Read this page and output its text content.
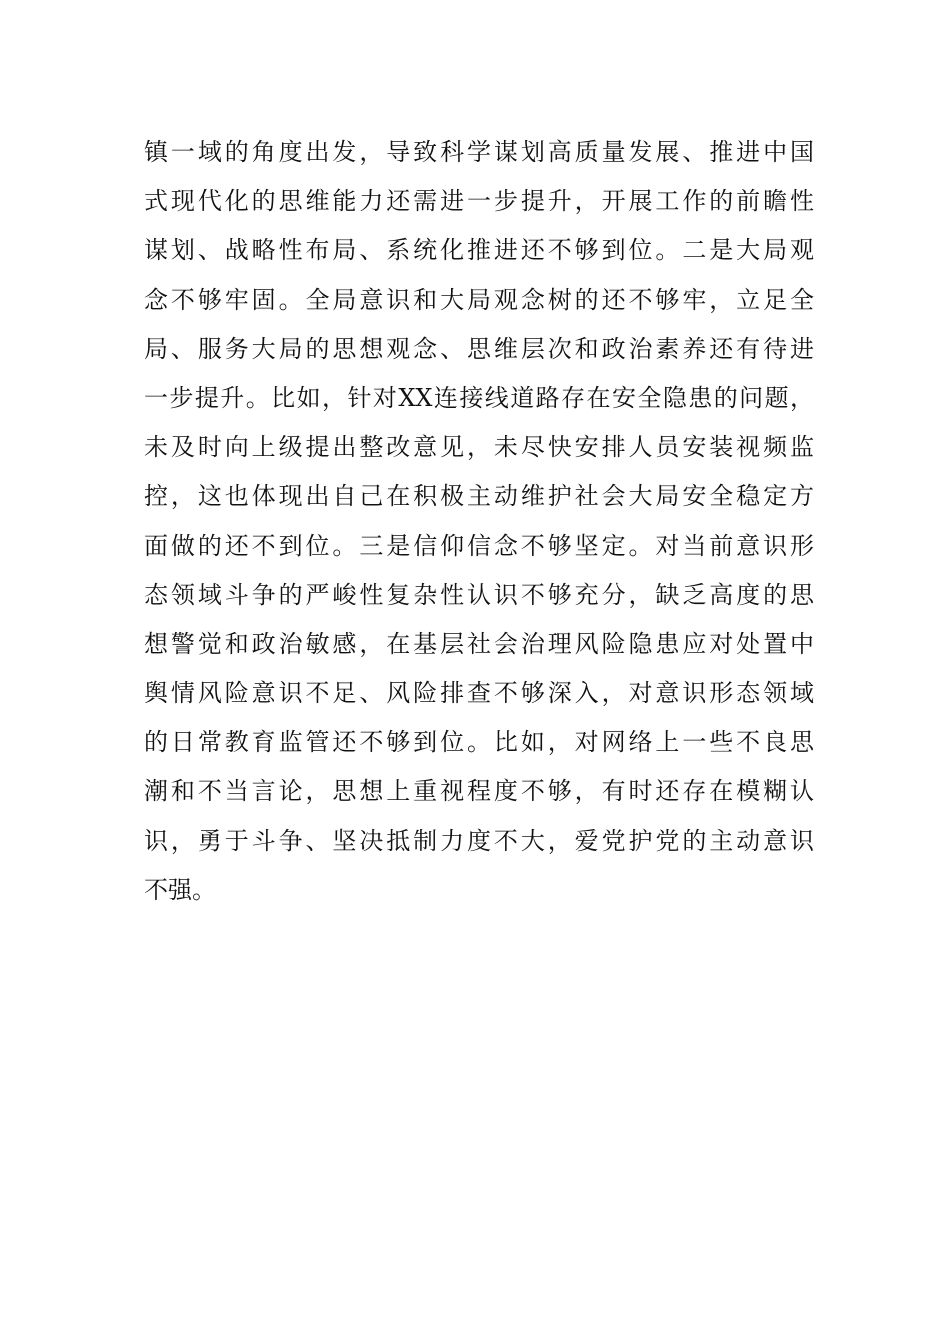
镇一域的角度出发，导致科学谋划高质量发展、推进中国
式现代化的思维能力还需进一步提升，开展工作的前瞻性
谋划、战略性布局、系统化推进还不够到位。二是大局观
念不够牢固。全局意识和大局观念树的还不够牢，立足全
局、服务大局的思想观念、思维层次和政治素养还有待进
一步提升。比如，针对XX连接线道路存在安全隐患的问题，
未及时向上级提出整改意见，未尽快安排人员安装视频监
控，这也体现出自己在积极主动维护社会大局安全稳定方
面做的还不到位。三是信仰信念不够坚定。对当前意识形
态领域斗争的严峻性复杂性认识不够充分，缺乏高度的思
想警觉和政治敏感，在基层社会治理风险隐患应对处置中
舆情风险意识不足、风险排查不够深入，对意识形态领域
的日常教育监管还不够到位。比如，对网络上一些不良思
潮和不当言论，思想上重视程度不够，有时还存在模糊认
识，勇于斗争、坚决抵制力度不大，爱党护党的主动意识
不强。
